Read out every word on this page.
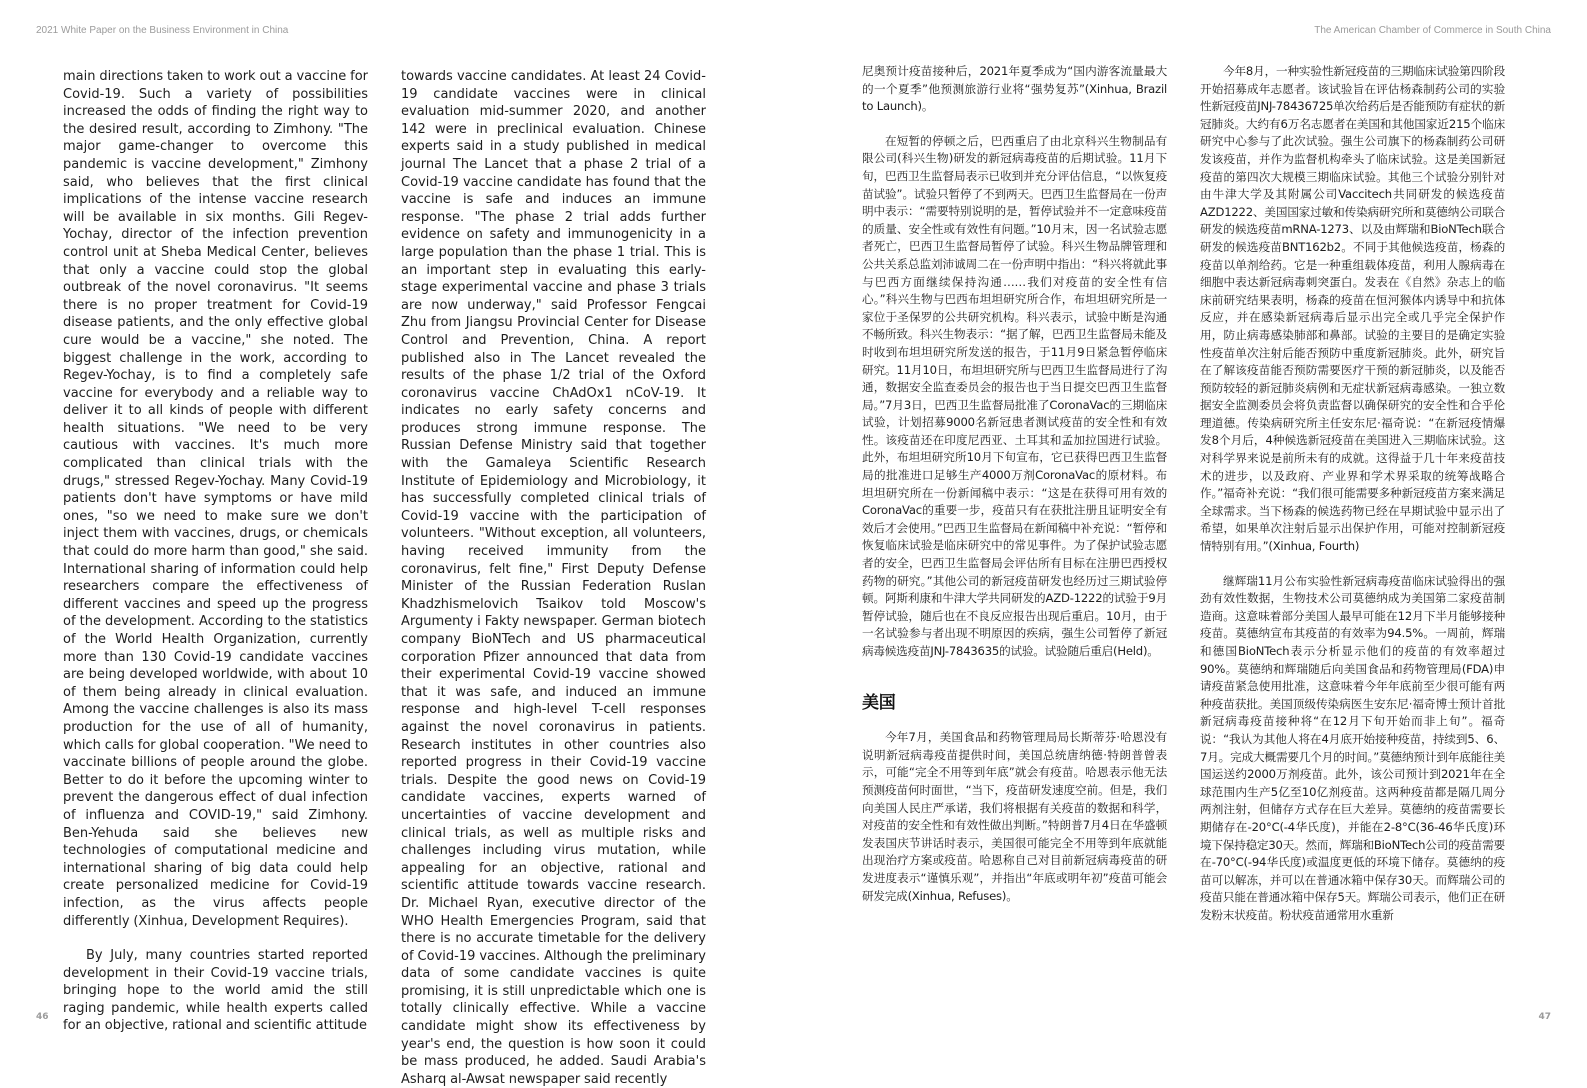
2021 White Paper on the Business Environment in China	The American Chamber of Commerce in South China

main directions taken to work out a vaccine for Covid-19. Such a variety of possibilities increased the odds of finding the right way to the desired result, according to Zimhony. "The major game-changer to overcome this pandemic is vaccine development," Zimhony said, who believes that the first clinical implications of the intense vaccine research will be available in six months. Gili Regev-Yochay, director of the infection prevention control unit at Sheba Medical Center, believes that only a vaccine could stop the global outbreak of the novel coronavirus. "It seems there is no proper treatment for Covid-19 disease patients, and the only effective global cure would be a vaccine," she noted. The biggest challenge in the work, according to Regev-Yochay, is to find a completely safe vaccine for everybody and a reliable way to deliver it to all kinds of people with different health situations. "We need to be very cautious with vaccines. It's much more complicated than clinical trials with the drugs," stressed Regev-Yochay. Many Covid-19 patients don't have symptoms or have mild ones, "so we need to make sure we don't inject them with vaccines, drugs, or chemicals that could do more harm than good," she said. International sharing of information could help researchers compare the effectiveness of different vaccines and speed up the progress of the development. According to the statistics of the World Health Organization, currently more than 130 Covid-19 candidate vaccines are being developed worldwide, with about 10 of them being already in clinical evaluation. Among the vaccine challenges is also its mass production for the use of all of humanity, which calls for global cooperation. "We need to vaccinate billions of people around the globe. Better to do it before the upcoming winter to prevent the dangerous effect of dual infection of influenza and COVID-19," said Zimhony. Ben-Yehuda said she believes new technologies of computational medicine and international sharing of big data could help create personalized medicine for Covid-19 infection, as the virus affects people differently (Xinhua, Development Requires).

By July, many countries started reported development in their Covid-19 vaccine trials, bringing hope to the world amid the still raging pandemic, while health experts called for an objective, rational and scientific attitude

towards vaccine candidates. At least 24 Covid-19 candidate vaccines were in clinical evaluation mid-summer 2020, and another 142 were in preclinical evaluation. Chinese experts said in a study published in medical journal The Lancet that a phase 2 trial of a Covid-19 vaccine candidate has found that the vaccine is safe and induces an immune response. "The phase 2 trial adds further evidence on safety and immunogenicity in a large population than the phase 1 trial. This is an important step in evaluating this early-stage experimental vaccine and phase 3 trials are now underway," said Professor Fengcai Zhu from Jiangsu Provincial Center for Disease Control and Prevention, China. A report published also in The Lancet revealed the results of the phase 1/2 trial of the Oxford coronavirus vaccine ChAdOx1 nCoV-19. It indicates no early safety concerns and produces strong immune response. The Russian Defense Ministry said that together with the Gamaleya Scientific Research Institute of Epidemiology and Microbiology, it has successfully completed clinical trials of Covid-19 vaccine with the participation of volunteers. "Without exception, all volunteers, having received immunity from the coronavirus, felt fine," First Deputy Defense Minister of the Russian Federation Ruslan Khadzhismelovich Tsaikov told Moscow's Argumenty i Fakty newspaper. German biotech company BioNTech and US pharmaceutical corporation Pfizer announced that data from their experimental Covid-19 vaccine showed that it was safe, and induced an immune response and high-level T-cell responses against the novel coronavirus in patients. Research institutes in other countries also reported progress in their Covid-19 vaccine trials. Despite the good news on Covid-19 candidate vaccines, experts warned of uncertainties of vaccine development and clinical trials, as well as multiple risks and challenges including virus mutation, while appealing for an objective, rational and scientific attitude towards vaccine research. Dr. Michael Ryan, executive director of the WHO Health Emergencies Program, said that there is no accurate timetable for the delivery of Covid-19 vaccines. Although the preliminary data of some candidate vaccines is quite promising, it is still unpredictable which one is totally clinically effective. While a vaccine candidate might show its effectiveness by year's end, the question is how soon it could be mass produced, he added. Saudi Arabia's Asharq al-Awsat newspaper said recently

尼奥预计疫苗接种后，2021年夏季成为“国内游客流量最大的一个夏季”他预测旅游行业将“强势复苏”(Xinhua, Brazil to Launch)。

在短暂的停顿之后，巴西重启了由北京科兴生物制品有限公司(科兴生物)研发的新冠病毒疫苗的后期试验。11月下旬，巴西卫生监督局表示已收到并充分评估信息，“以恢复疫苗试验”。试验只暂停了不到两天。巴西卫生监督局在一份声明中表示：“需要特别说明的是，暂停试验并不一定意味疫苗的质量、安全性或有效性有问题。”10月末，因一名试验志愿者死亡，巴西卫生监督局暂停了试验。科兴生物品牌管理和公共关系总监刘沛诚周二在一份声明中指出：“科兴将就此事与巴西方面继续保持沟通……我们对疫苗的安全性有信心。”科兴生物与巴西布坦坦研究所合作，布坦坦研究所是一家位于圣保罗的公共研究机构。科兴表示，试验中断是沟通不畅所致。科兴生物表示：“据了解，巴西卫生监督局未能及时收到布坦坦研究所发送的报告，于11月9日紧急暂停临床研究。11月10日，布坦坦研究所与巴西卫生监督局进行了沟通，数据安全监查委员会的报告也于当日提交巴西卫生监督局。”7月3日，巴西卫生监督局批准了CoronaVac的三期临床试验，计划招募9000名新冠患者测试疫苗的安全性和有效性。该疫苗还在印度尼西亚、土耳其和孟加拉国进行试验。此外，布坦坦研究所10月下旬宣布，它已获得巴西卫生监督局的批准进口足够生产4000万剂CoronaVac的原材料。布坦坦研究所在一份新闻稿中表示：“这是在获得可用有效的CoronaVac的重要一步，疫苗只有在获批注册且证明安全有效后才会使用。”巴西卫生监督局在新闻稿中补充说：“暂停和恢复临床试验是临床研究中的常见事件。为了保护试验志愿者的安全，巴西卫生监督局会评估所有目标在注册巴西授权药物的研究。”其他公司的新冠疫苗研发也经历过三期试验停顿。阿斯利康和牛津大学共同研发的AZD-1222的试验于9月暂停试验，随后也在不良反应报告出现后重启。10月，由于一名试验参与者出现不明原因的疾病，强生公司暂停了新冠病毒候选疫苗JNJ-7843635的试验。试验随后重启(Held)。

美国

今年7月，美国食品和药物管理局局长斯蒂芬·哈恩没有说明新冠病毒疫苗提供时间，美国总统唐纳德·特朗普曾表示，可能“完全不用等到年底”就会有疫苗。哈恩表示他无法预测疫苗何时面世，“当下，疫苗研发速度空前。但是，我们向美国人民庄严承诺，我们将根据有关疫苗的数据和科学，对疫苗的安全性和有效性做出判断。”特朗普7月4日在华盛顿发表国庆节讲话时表示，美国很可能完全不用等到年底就能出现治疗方案或疫苗。哈恩称自己对目前新冠病毒疫苗的研发进度表示“谨慎乐观”，并指出“年底或明年初”疫苗可能会研发完成(Xinhua, Refuses)。

今年8月，一种实验性新冠疫苗的三期临床试验第四阶段开始招募成年志愿者。该试验旨在评估杨森制药公司的实验性新冠疫苗JNJ-78436725单次给药后是否能预防有症状的新冠肺炎。大约有6万名志愿者在美国和其他国家近215个临床研究中心参与了此次试验。强生公司旗下的杨森制药公司研发该疫苗，并作为监督机构牵头了临床试验。这是美国新冠疫苗的第四次大规模三期临床试验。其他三个试验分别针对由牛津大学及其附属公司Vaccitech共同研发的候选疫苗AZD1222、美国国家过敏和传染病研究所和莫德纳公司联合研发的候选疫苗mRNA-1273、以及由辉瑞和BioNTech联合研发的候选疫苗BNT162b2。不同于其他候选疫苗，杨森的疫苗以单剂给药。它是一种重组载体疫苗，利用人腺病毒在细胞中表达新冠病毒刺突蛋白。发表在《自然》杂志上的临床前研究结果表明，杨森的疫苗在恒河猴体内诱导中和抗体反应，并在感染新冠病毒后显示出完全或几乎完全保护作用，防止病毒感染肺部和鼻部。试验的主要目的是确定实验性疫苗单次注射后能否预防中重度新冠肺炎。此外，研究旨在了解该疫苗能否预防需要医疗干预的新冠肺炎，以及能否预防较轻的新冠肺炎病例和无症状新冠病毒感染。一独立数据安全监测委员会将负责监督以确保研究的安全性和合乎伦理道德。传染病研究所主任安东尼·福奇说：“在新冠疫情爆发8个月后，4种候选新冠疫苗在美国进入三期临床试验。这对科学界来说是前所未有的成就。这得益于几十年来疫苗技术的进步，以及政府、产业界和学术界采取的统筹战略合作。”福奇补充说：“我们很可能需要多种新冠疫苗方案来满足全球需求。当下杨森的候选药物已经在早期试验中显示出了希望，如果单次注射后显示出保护作用，可能对控制新冠疫情特别有用。”(Xinhua, Fourth)

继辉瑞11月公布实验性新冠病毒疫苗临床试验得出的强劲有效性数据，生物技术公司莫德纳成为美国第二家疫苗制造商。这意味着部分美国人最早可能在12月下半月能够接种疫苗。莫德纳宣布其疫苗的有效率为94.5%。一周前，辉瑞和德国BioNTech表示分析显示他们的疫苗的有效率超过90%。莫德纳和辉瑞随后向美国食品和药物管理局(FDA)申请疫苗紧急使用批准，这意味着今年年底前至少很可能有两种疫苗获批。美国顶级传染病医生安东尼·福奇博士预计首批新冠病毒疫苗接种将“在12月下旬开始而非上旬”。福奇说：“我认为其他人将在4月底开始接种疫苗，持续到5、6、7月。完成大概需要几个月的时间。”莫德纳预计到年底能往美国运送约2000万剂疫苗。此外，该公司预计到2021年在全球范围内生产5亿至10亿剂疫苗。这两种疫苗都是隔几周分两剂注射，但储存方式存在巨大差异。莫德纳的疫苗需要长期储存在-20°C(-4华氏度)，并能在2-8°C(36-46华氏度)环境下保持稳定30天。然而，辉瑞和BioNTech公司的疫苗需要在-70°C(-94华氏度)或温度更低的环境下储存。莫德纳的疫苗可以解冻，并可以在普通冰箱中保存30天。而辉瑞公司的疫苗只能在普通冰箱中保存5天。辉瑞公司表示，他们正在研发粉末状疫苗。粉状疫苗通常用水重新

46	47
